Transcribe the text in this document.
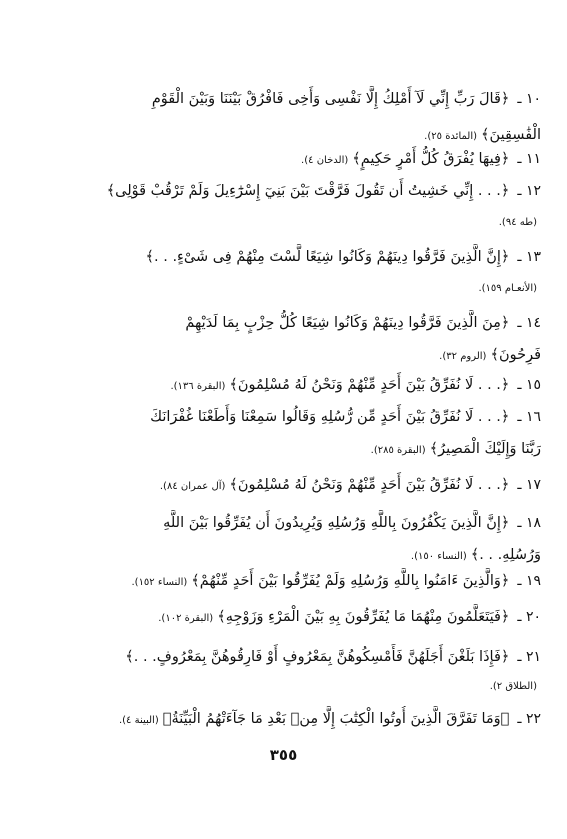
١٠ ـ﴿قَالَ رَبِّ إِنِّي لَآ أَمْلِكُ إِلَّا نَفْسِى وَأَخِى فَافْرُقْ بَيْنَنَا وَبَيْنَ الْقَوْمِ
الْفَٰسِقِينَ﴾(المائدة ٢٥).
١١ ـ﴿فِيهَا يُفْرَقُ كُلُّ أَمْرٍ حَكِيمٍ﴾(الدخان ٤).
١٢ ـ﴿. . . إِنِّي خَشِيتُ أَن تَقُولَ فَرَّقْتَ بَيْنَ بَنِيٓ إِسْرَٰٓءِيلَ وَلَمْ تَرْقُبْ قَوْلِى﴾
(طه ٩٤).
١٣ ـ﴿إِنَّ الَّذِينَ فَرَّقُوا دِينَهُمْ وَكَانُوا شِيَعًا لَّسْتَ مِنْهُمْ فِى شَىْءٍ. . .﴾
(الأنعـام ١٥٩).
١٤ ـ﴿مِنَ الَّذِينَ فَرَّقُوا دِينَهُمْ وَكَانُوا شِيَعًا كُلُّ حِزْبٍ بِمَا لَدَيْهِمْ
فَرِحُونَ﴾(الروم ٣٢).
١٥ ـ﴿. . . لَا نُفَرِّقُ بَيْنَ أَحَدٍ مِّنْهُمْ وَنَحْنُ لَهُ مُسْلِمُونَ﴾(البقرة ١٣٦).
١٦ ـ﴿. . . لَا نُفَرِّقُ بَيْنَ أَحَدٍ مِّن رُّسُلِهِ وَقَالُوا سَمِعْنَا وَأَطَعْنَا غُفْرَانَكَ
رَبَّنَا وَإِلَيْكَ الْمَصِيرُ﴾(البقرة ٢٨٥).
١٧ ـ﴿. . . لَا نُفَرِّقُ بَيْنَ أَحَدٍ مِّنْهُمْ وَنَحْنُ لَهُ مُسْلِمُونَ﴾(آل عمران ٨٤).
١٨ ـ﴿إِنَّ الَّذِينَ يَكْفُرُونَ بِاللَّهِ وَرُسُلِهِ وَيُرِيدُونَ أَن يُفَرِّقُوا بَيْنَ اللَّهِ
وَرُسُلِهِ. . .﴾(النساء ١٥٠).
١٩ ـ﴿وَالَّذِينَ ءَامَنُوا بِاللَّهِ وَرُسُلِهِ وَلَمْ يُفَرِّقُوا بَيْنَ أَحَدٍ مِّنْهُمْ﴾(النساء ١٥٢).
٢٠ ـ﴿فَيَتَعَلَّمُونَ مِنْهُمَا مَا يُفَرِّقُونَ بِهِ بَيْنَ الْمَرْءِ وَزَوْجِهِ﴾(البقرة ١٠٢).
٢١ ـ﴿فَإِذَا بَلَغْنَ أَجَلَهُنَّ فَأَمْسِكُوهُنَّ بِمَعْرُوفٍ أَوْ فَارِقُوهُنَّ بِمَعْرُوفٍ. . .﴾
(الطلاق ٢).
٢٢ ـ﴿وَمَا تَفَرَّقَ الَّذِينَ أُوتُوا الْكِتَٰبَ إِلَّا مِنۢ بَعْدِ مَا جَآءَتْهُمُ الْبَيِّنَةُ﴾(البينة ٤).
٣٥٥
